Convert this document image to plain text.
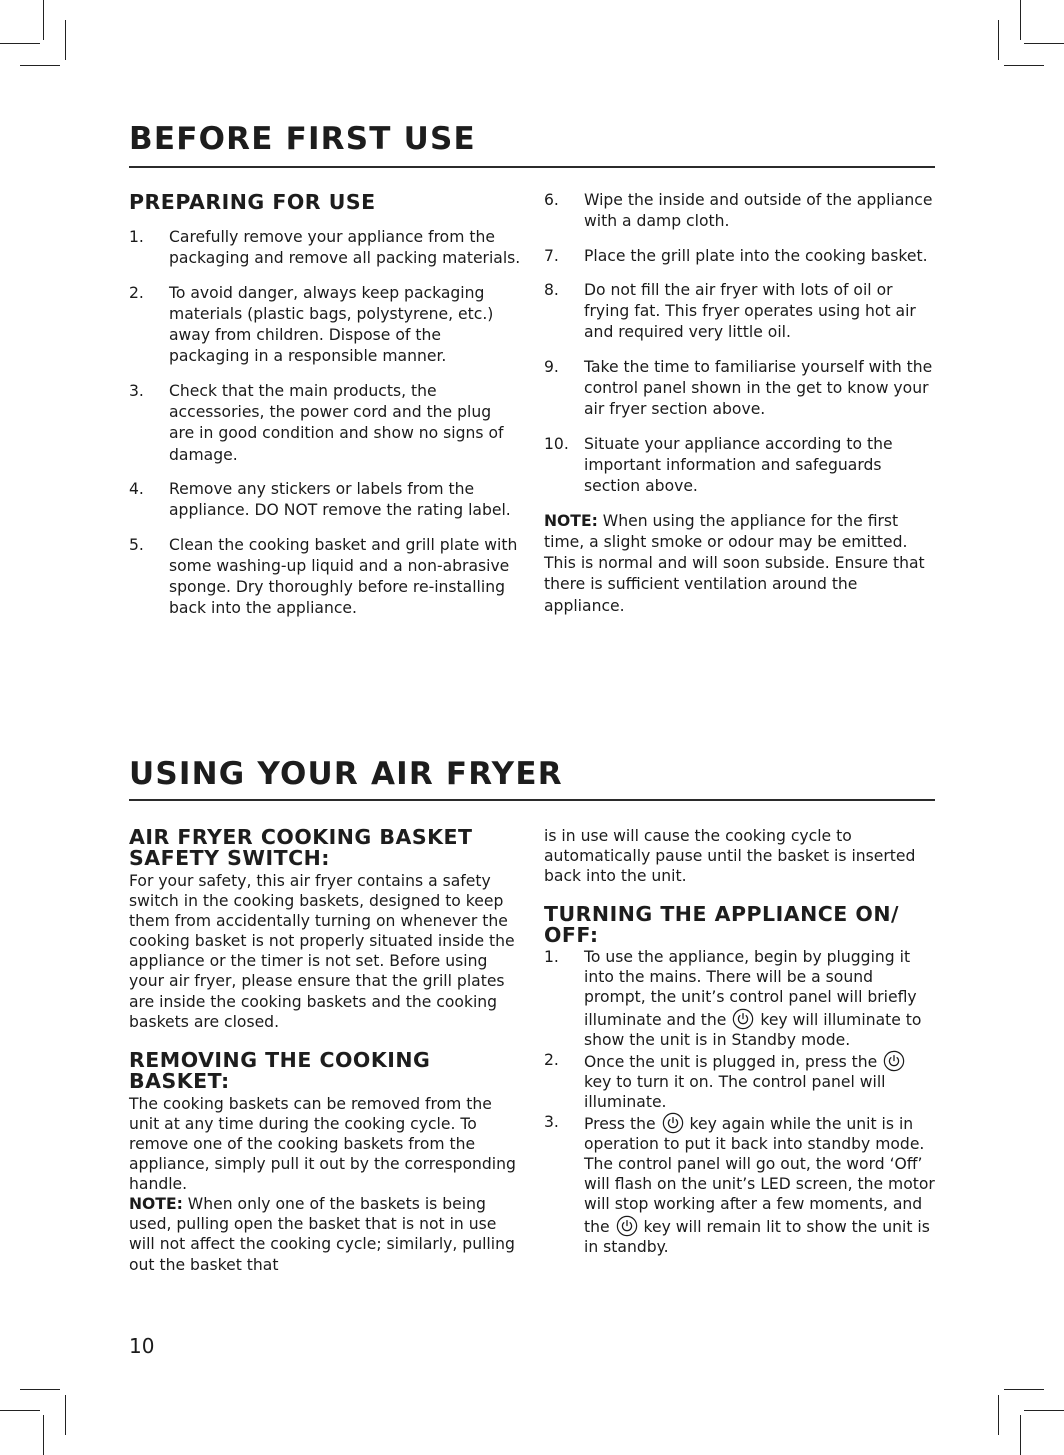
BEFORE FIRST USE
PREPARING FOR USE
1.	Carefully remove your appliance from the packaging and remove all packing materials.
2.	To avoid danger, always keep packaging materials (plastic bags, polystyrene, etc.) away from children. Dispose of the packaging in a responsible manner.
3.	Check that the main products, the accessories, the power cord and the plug are in good condition and show no signs of damage.
4.	Remove any stickers or labels from the appliance. DO NOT remove the rating label.
5.	Clean the cooking basket and grill plate with some washing-up liquid and a non-abrasive sponge. Dry thoroughly before re-installing back into the appliance.
6.	Wipe the inside and outside of the appliance with a damp cloth.
7.	Place the grill plate into the cooking basket.
8.	Do not fill the air fryer with lots of oil or frying fat. This fryer operates using hot air and required very little oil.
9.	Take the time to familiarise yourself with the control panel shown in the get to know your air fryer section above.
10. Situate your appliance according to the important information and safeguards section above.

NOTE: When using the appliance for the first time, a slight smoke or odour may be emitted. This is normal and will soon subside. Ensure that there is sufficient ventilation around the appliance.

USING YOUR AIR FRYER
AIR FRYER COOKING BASKET SAFETY SWITCH:

For your safety, this air fryer contains a safety switch in the cooking baskets, designed to keep them from accidentally turning on whenever the cooking basket is not properly situated inside the appliance or the timer is not set. Before using your air fryer, please ensure that the grill plates are inside the cooking baskets and the cooking baskets are closed.

REMOVING THE COOKING BASKET:

The cooking baskets can be removed from the unit at any time during the cooking cycle. To remove one of the cooking baskets from the appliance, simply pull it out by the corresponding handle.

NOTE: When only one of the baskets is being used, pulling open the basket that is not in use will not affect the cooking cycle; similarly, pulling out the basket that

is in use will cause the cooking cycle to automatically pause until the basket is inserted back into the unit.

TURNING THE APPLIANCE ON/ OFF:
1.	To use the appliance, begin by plugging it into the mains. There will be a sound prompt, the unit’s control panel will briefly illuminate and the key will illuminate to show the unit is in Standby mode.
2.	Once the unit is plugged in, press the  key to turn it on. The control panel will illuminate.
3.	Press the key again while the unit is in operation to put it back into standby mode. The control panel will go out, the word ‘Off’ will flash on the unit’s LED screen, the motor will stop working after a few moments, and the key will remain lit to show the unit is in standby.
10
